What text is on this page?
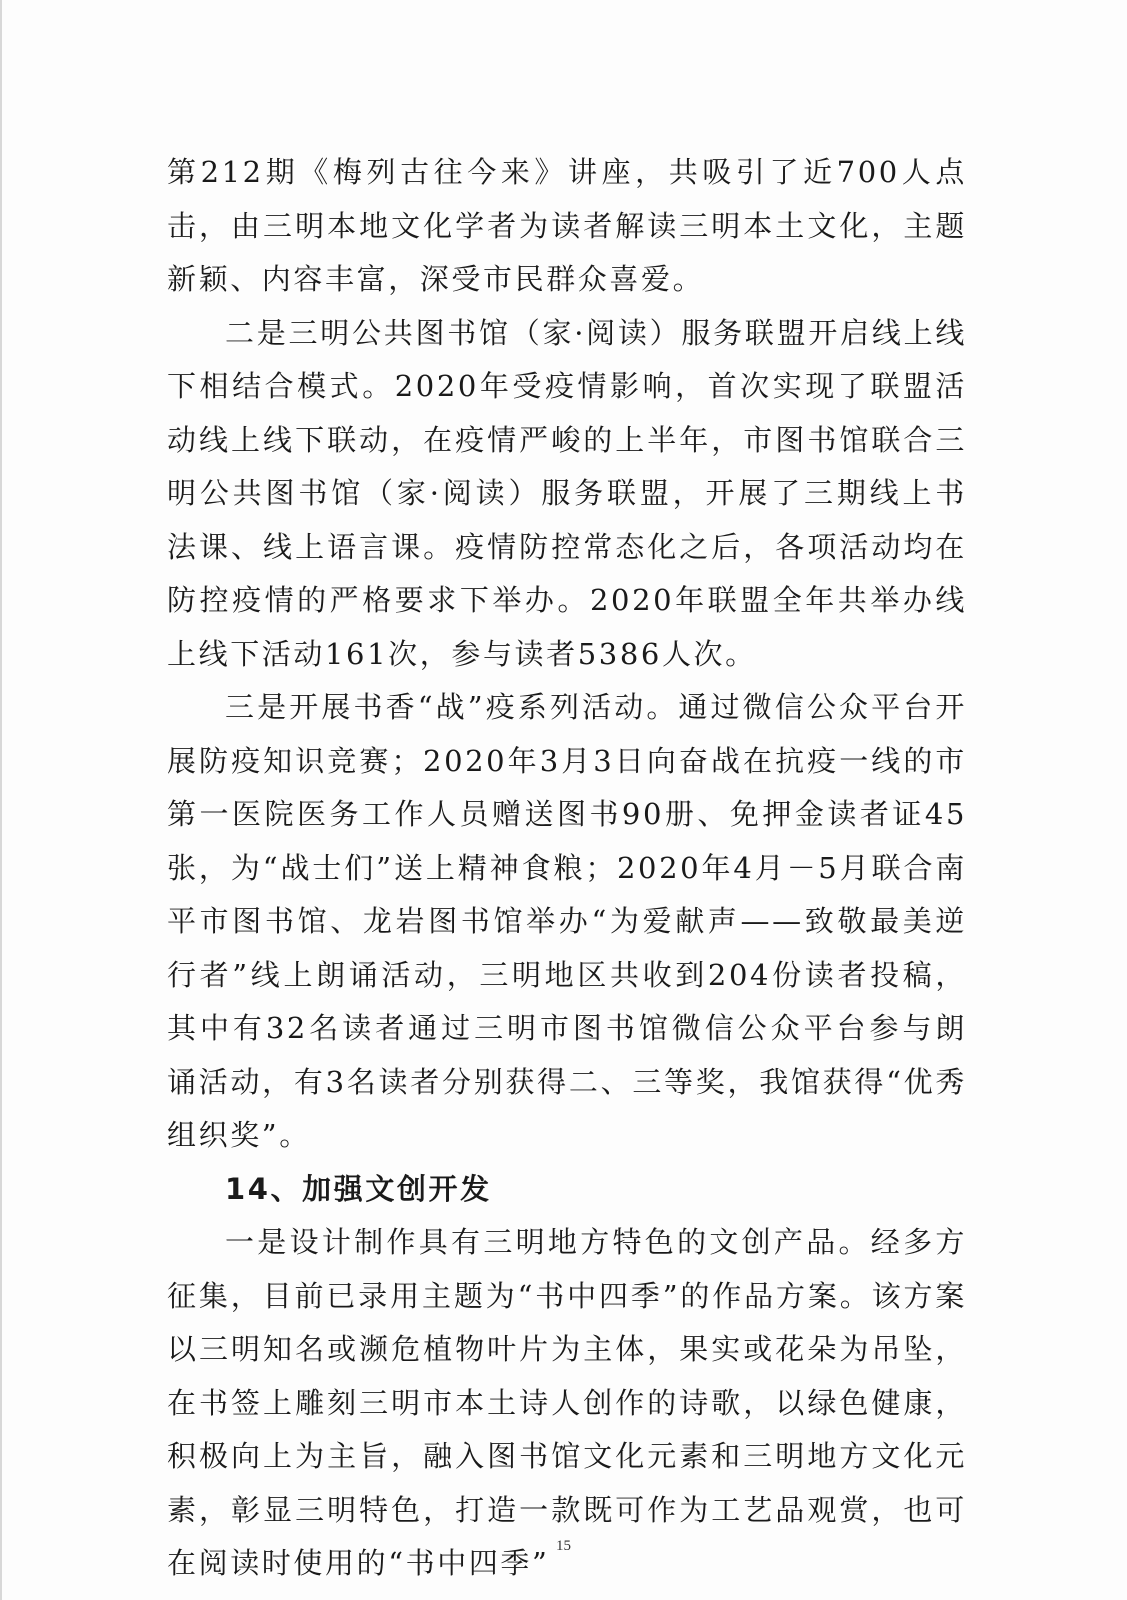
第212期《梅列古往今来》讲座，共吸引了近700人点击，由三明本地文化学者为读者解读三明本土文化，主题新颖、内容丰富，深受市民群众喜爱。

二是三明公共图书馆（家·阅读）服务联盟开启线上线下相结合模式。2020年受疫情影响，首次实现了联盟活动线上线下联动，在疫情严峻的上半年，市图书馆联合三明公共图书馆（家·阅读）服务联盟，开展了三期线上书法课、线上语言课。疫情防控常态化之后，各项活动均在防控疫情的严格要求下举办。2020年联盟全年共举办线上线下活动161次，参与读者5386人次。

三是开展书香“战”疫系列活动。通过微信公众平台开展防疫知识竞赛；2020年3月3日向奋战在抗疫一线的市第一医院医务工作人员赠送图书90册、免押金读者证45张，为“战士们”送上精神食粮；2020年4月－5月联合南平市图书馆、龙岩图书馆举办“为爱献声——致敬最美逆行者”线上朗诵活动，三明地区共收到204份读者投稿，其中有32名读者通过三明市图书馆微信公众平台参与朗诵活动，有3名读者分别获得二、三等奖，我馆获得“优秀组织奖”。

14、加强文创开发

一是设计制作具有三明地方特色的文创产品。经多方征集，目前已录用主题为“书中四季”的作品方案。该方案以三明知名或濒危植物叶片为主体，果实或花朵为吊坠，在书签上雕刻三明市本土诗人创作的诗歌，以绿色健康，积极向上为主旨，融入图书馆文化元素和三明地方文化元素，彰显三明特色，打造一款既可作为工艺品观赏，也可在阅读时使用的“书中四季” 15
